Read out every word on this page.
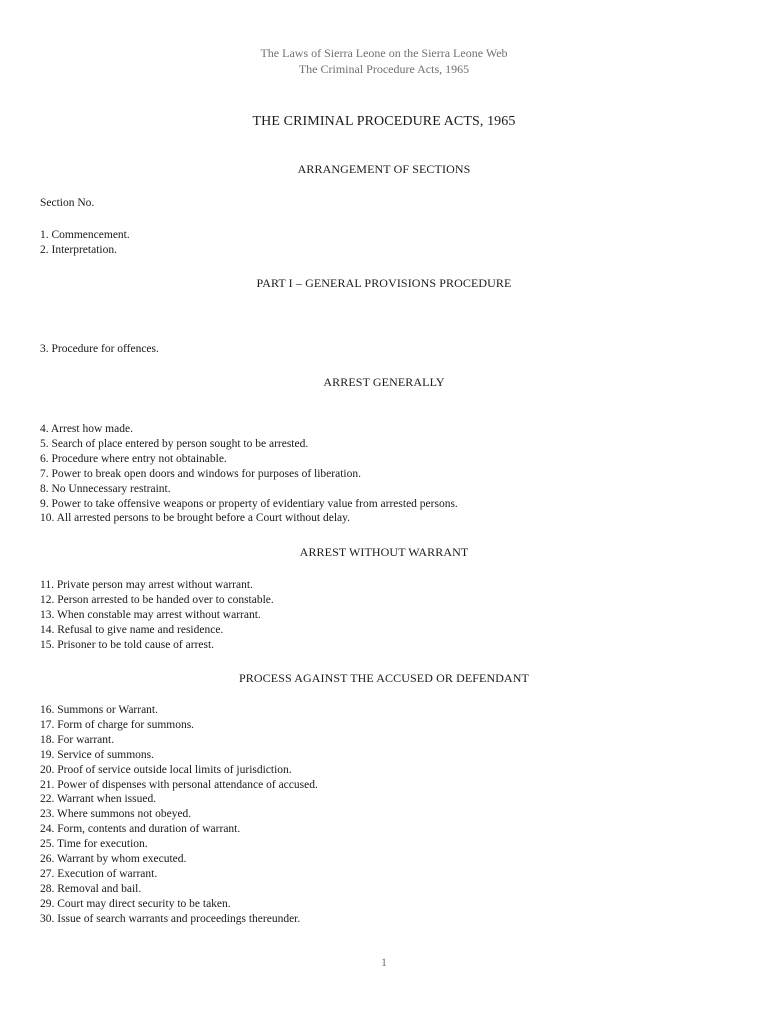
The Laws of Sierra Leone on the Sierra Leone Web
The Criminal Procedure Acts, 1965
THE CRIMINAL PROCEDURE ACTS, 1965
ARRANGEMENT OF SECTIONS
Section No.
1. Commencement.
2. Interpretation.
PART I – GENERAL PROVISIONS PROCEDURE
3. Procedure for offences.
ARREST GENERALLY
4. Arrest how made.
5. Search of place entered by person sought to be arrested.
6. Procedure where entry not obtainable.
7. Power to break open doors and windows for purposes of liberation.
8. No Unnecessary restraint.
9. Power to take offensive weapons or property of evidentiary value from arrested persons.
10. All arrested persons to be brought before a Court without delay.
ARREST WITHOUT WARRANT
11. Private person may arrest without warrant.
12. Person arrested to be handed over to constable.
13. When constable may arrest without warrant.
14. Refusal to give name and residence.
15. Prisoner to be told cause of arrest.
PROCESS AGAINST THE ACCUSED OR DEFENDANT
16. Summons or Warrant.
17. Form of charge for summons.
18. For warrant.
19. Service of summons.
20. Proof of service outside local limits of jurisdiction.
21. Power of dispenses with personal attendance of accused.
22. Warrant when issued.
23. Where summons not obeyed.
24. Form, contents and duration of warrant.
25. Time for execution.
26. Warrant by whom executed.
27. Execution of warrant.
28. Removal and bail.
29. Court may direct security to be taken.
30. Issue of search warrants and proceedings thereunder.
1
